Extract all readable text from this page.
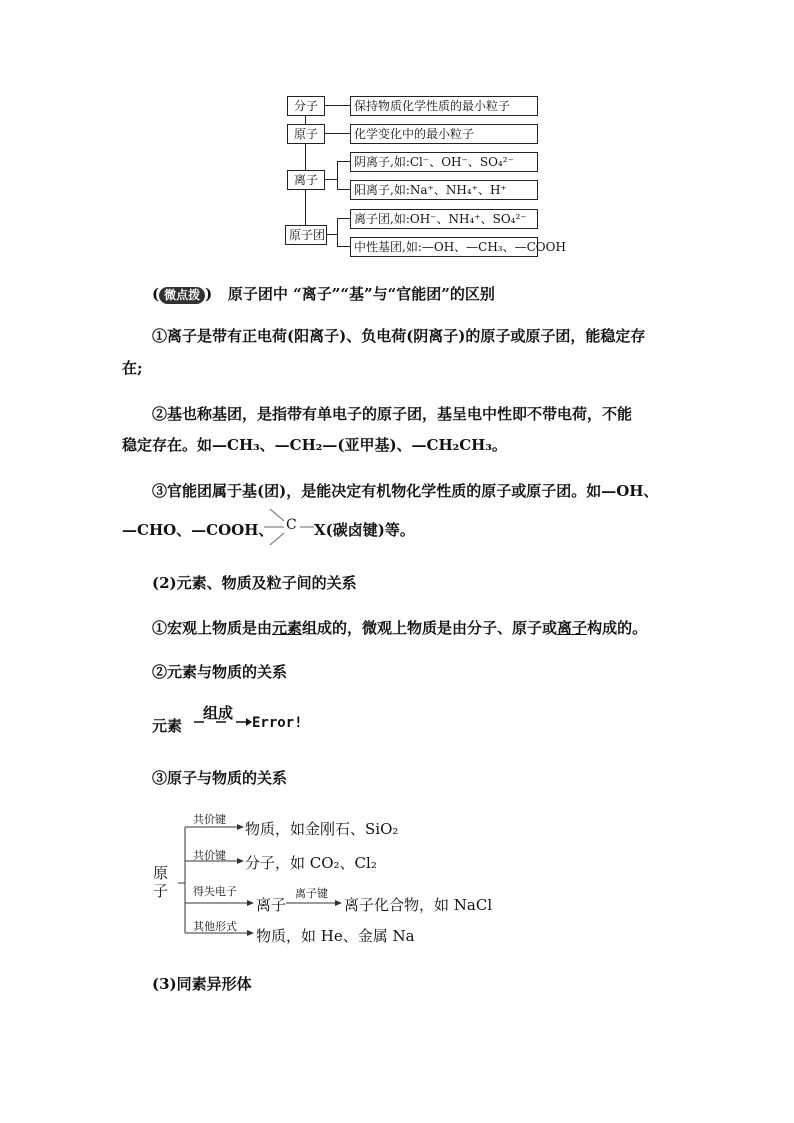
分子	保持物质化学性质的最小粒子
原子	化学变化中的最小粒子
离子
阴离子,如:Cl⁻、OH⁻、SO₄²⁻
阳离子,如:Na⁺、NH₄⁺、H⁺
原子团
离子团,如:OH⁻、NH₄⁺、SO₄²⁻
中性基团,如:—OH、—CH₃、—COOH
( 微点拨 )   原子团中 “离子”“基”与“官能团”的区别
①离子是带有正电荷(阳离子)、负电荷(阴离子)的原子或原子团，能稳定存
在;
②基也称基团，是指带有单电子的原子团，基呈电中性即不带电荷，不能
稳定存在。如—CH₃、—CH₂—(亚甲基)、—CH₂CH₃。
③官能团属于基(团)，是能决定有机物化学性质的原子或原子团。如—OH、
—CHO、—COOH、 C X(碳卤键)等。
(2)元素、物质及粒子间的关系
①宏观上物质是由元素组成的，微观上物质是由分子、原子或离子构成的。
②元素与物质的关系
元素
组成
Error!
③原子与物质的关系
原子
共价键
物质，如金刚石、SiO₂
共价键 分子，如 CO₂、Cl₂
得失电子
离子
离子键
离子化合物，如 NaCl
其他形式
物质，如 He、金属 Na
(3)同素异形体
